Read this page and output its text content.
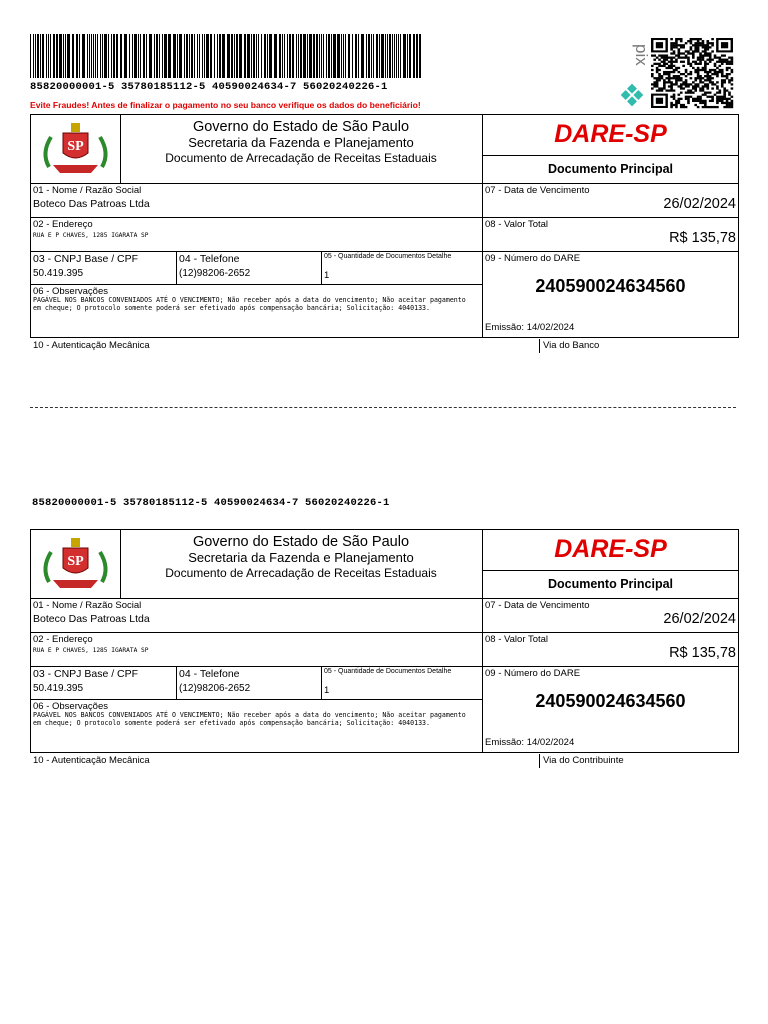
85820000001-5 35780185112-5 40590024634-7 56020240226-1
Evite Fraudes! Antes de finalizar o pagamento no seu banco verifique os dados do beneficiário!
pix
SP
Governo do Estado de São Paulo
Secretaria da Fazenda e Planejamento
Documento de Arrecadação de Receitas Estaduais
DARE-SP
Documento Principal
01 - Nome / Razão Social
Boteco Das Patroas Ltda
07 - Data de Vencimento
26/02/2024
02 - Endereço
RUA E P CHAVES, 1285 IGARATA SP
08 - Valor Total
R$ 135,78
03 - CNPJ Base / CPF
50.419.395
04 - Telefone
(12)98206-2652
05 - Quantidade de Documentos Detalhe
1
06 - Observações
PAGÁVEL NOS BANCOS CONVENIADOS ATÉ O VENCIMENTO; Não receber após a data do vencimento; Não aceitar pagamento em cheque; O protocolo somente poderá ser efetivado após compensação bancária; Solicitação: 4040133.
09 - Número do DARE
240590024634560
Emissão: 14/02/2024
10 - Autenticação Mecânica	Via do Banco
85820000001-5 35780185112-5 40590024634-7 56020240226-1
SP
Governo do Estado de São Paulo
Secretaria da Fazenda e Planejamento
Documento de Arrecadação de Receitas Estaduais
DARE-SP
Documento Principal
01 - Nome / Razão Social
Boteco Das Patroas Ltda
07 - Data de Vencimento
26/02/2024
02 - Endereço
RUA E P CHAVES, 1285 IGARATA SP
08 - Valor Total
R$ 135,78
03 - CNPJ Base / CPF
50.419.395
04 - Telefone
(12)98206-2652
05 - Quantidade de Documentos Detalhe
1
06 - Observações
PAGÁVEL NOS BANCOS CONVENIADOS ATÉ O VENCIMENTO; Não receber após a data do vencimento; Não aceitar pagamento em cheque; O protocolo somente poderá ser efetivado após compensação bancária; Solicitação: 4040133.
09 - Número do DARE
240590024634560
Emissão: 14/02/2024
10 - Autenticação Mecânica	Via do Contribuinte
